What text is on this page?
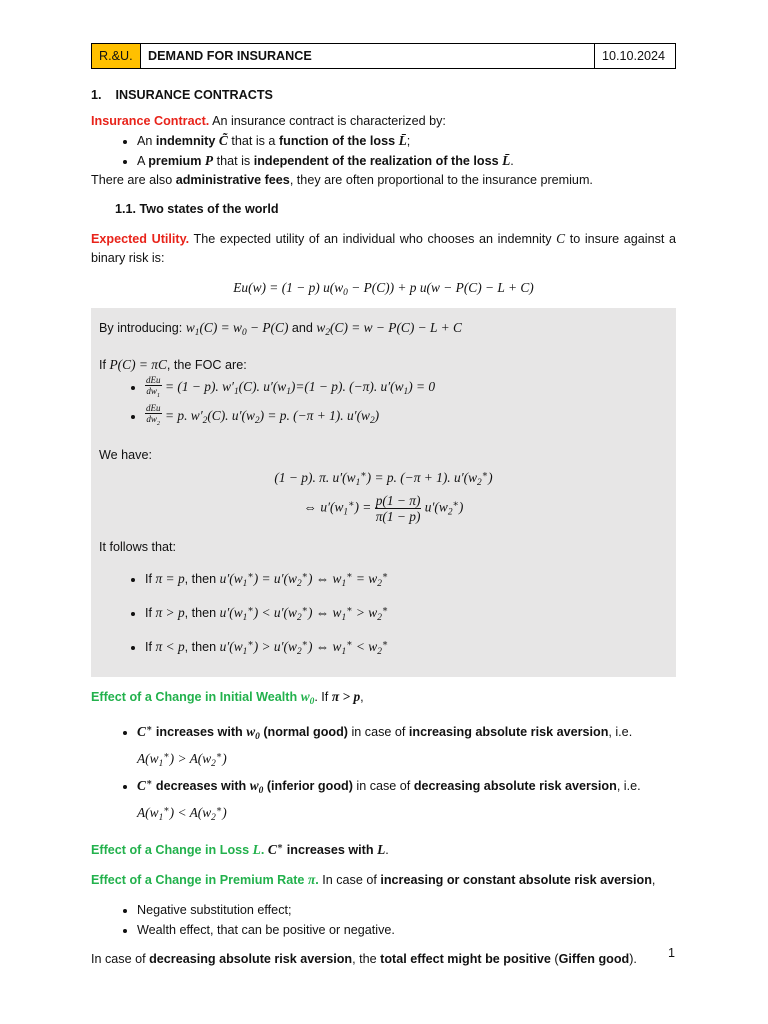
R.&U.	DEMAND FOR INSURANCE	10.10.2024
1. INSURANCE CONTRACTS

Insurance Contract. An insurance contract is characterized by:

• An indemnity C̃ that is a function of the loss L̄;
• A premium P that is independent of the realization of the loss L̄.

There are also administrative fees, they are often proportional to the insurance premium.

1.1. Two states of the world

Expected Utility. The expected utility of an individual who chooses an indemnity C to insure against a binary risk is:

Eu(w) = (1 − p) $u(w_0 - P(C)) + p$ u(w − P(C) − L + C)

By introducing: $w_1(C) = w_0 - P(C)$ and $w_2(C) = w - P(C) - L + C$

If P(C) = πC, the FOC are:

• $\frac{\text{dEu}}{dw_1} = (1 - p)$. $w'_1(C)$. $u'(w_1)=(1 - p)$. (−π). $u'(w_1) = 0$
• $\frac{\text{dEu}}{dw_2} = p$. $w'_2(C)$. $u'(w_2) = p$. (−π + 1). $u'(w_2)$

We have:

(1 − p). π. $u'(w_1^∗) = p$. (−π + 1). $u'(w_2^∗)$
⇔ $u'(w_1^∗) = \frac{p(1 - \pi)}{\pi(1 - p)} u'(w_2^∗)$

It follows that:

• If π = p, then $u'(w_1^∗) = u'(w_2^∗)$ ⇔ $w_1^∗ = w_2^∗$
• If π > p, then $u'(w_1^∗) < u'(w_2^∗)$ ⇔ $w_1^∗ > w_2^∗$
• If π < p, then $u'(w_1^∗) > u'(w_2^∗)$ ⇔ $w_1^∗ < w_2^∗$

Effect of a Change in Initial Wealth $w_0$. If π > p,

• C∗ increases with $w_0$ (normal good) in case of increasing absolute risk aversion, i.e.
$A(w_1^∗) > A(w_2^∗)$
• C∗ decreases with $w_0$ (inferior good) in case of decreasing absolute risk aversion, i.e.
$A(w_1^∗) < A(w_2^∗)$

Effect of a Change in Loss L. C∗ increases with L.

Effect of a Change in Premium Rate π. In case of increasing or constant absolute risk aversion,

• Negative substitution effect;
• Wealth effect, that can be positive or negative.

In case of decreasing absolute risk aversion, the total effect might be positive (Giffen good).	1
